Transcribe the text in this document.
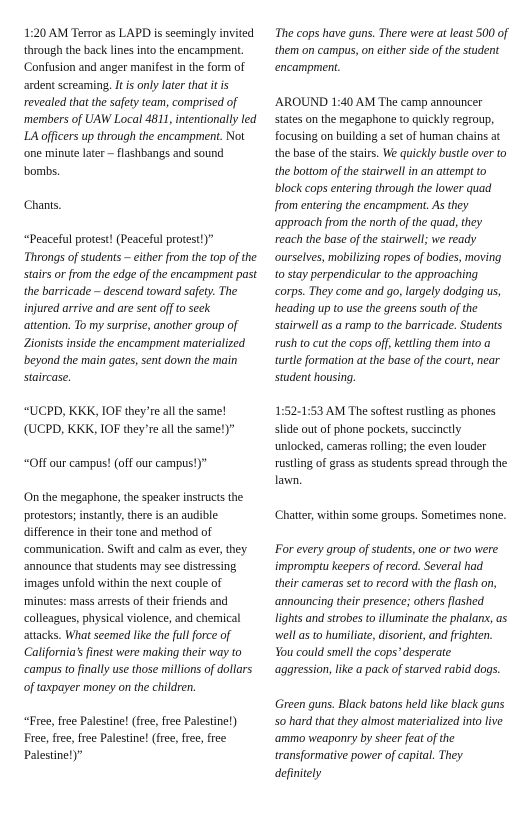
1:20 AM Terror as LAPD is seemingly invited through the back lines into the encampment. Confusion and anger manifest in the form of ardent screaming. It is only later that it is revealed that the safety team, comprised of members of UAW Local 4811, intentionally led LA officers up through the encampment. Not one minute later – flashbangs and sound bombs.

Chants.

“Peaceful protest! (Peaceful protest!)” Throngs of students – either from the top of the stairs or from the edge of the encampment past the barricade – descend toward safety. The injured arrive and are sent off to seek attention. To my surprise, another group of Zionists inside the encampment materialized beyond the main gates, sent down the main staircase.

“UCPD, KKK, IOF they’re all the same! (UCPD, KKK, IOF they’re all the same!)”

“Off our campus! (off our campus!)”

On the megaphone, the speaker instructs the protestors; instantly, there is an audible difference in their tone and method of communication. Swift and calm as ever, they announce that students may see distressing images unfold within the next couple of minutes: mass arrests of their friends and colleagues, physical violence, and chemical attacks. What seemed like the full force of California’s finest were making their way to campus to finally use those millions of dollars of taxpayer money on the children.

“Free, free Palestine! (free, free Palestine!) Free, free, free Palestine! (free, free, free Palestine!)”

The cops have guns. There were at least 500 of them on campus, on either side of the student encampment.

AROUND 1:40 AM The camp announcer states on the megaphone to quickly regroup, focusing on building a set of human chains at the base of the stairs. We quickly bustle over to the bottom of the stairwell in an attempt to block cops entering through the lower quad from entering the encampment. As they approach from the north of the quad, they reach the base of the stairwell; we ready ourselves, mobilizing ropes of bodies, moving to stay perpendicular to the approaching corps. They come and go, largely dodging us, heading up to use the greens south of the stairwell as a ramp to the barricade. Students rush to cut the cops off, kettling them into a turtle formation at the base of the court, near student housing.

1:52-1:53 AM The softest rustling as phones slide out of phone pockets, succinctly unlocked, cameras rolling; the even louder rustling of grass as students spread through the lawn.

Chatter, within some groups. Sometimes none.

For every group of students, one or two were impromptu keepers of record. Several had their cameras set to record with the flash on, announcing their presence; others flashed lights and strobes to illuminate the phalanx, as well as to humiliate, disorient, and frighten. You could smell the cops’ desperate aggression, like a pack of starved rabid dogs.

Green guns. Black batons held like black guns so hard that they almost materialized into live ammo weaponry by sheer feat of the transformative power of capital. They definitely
